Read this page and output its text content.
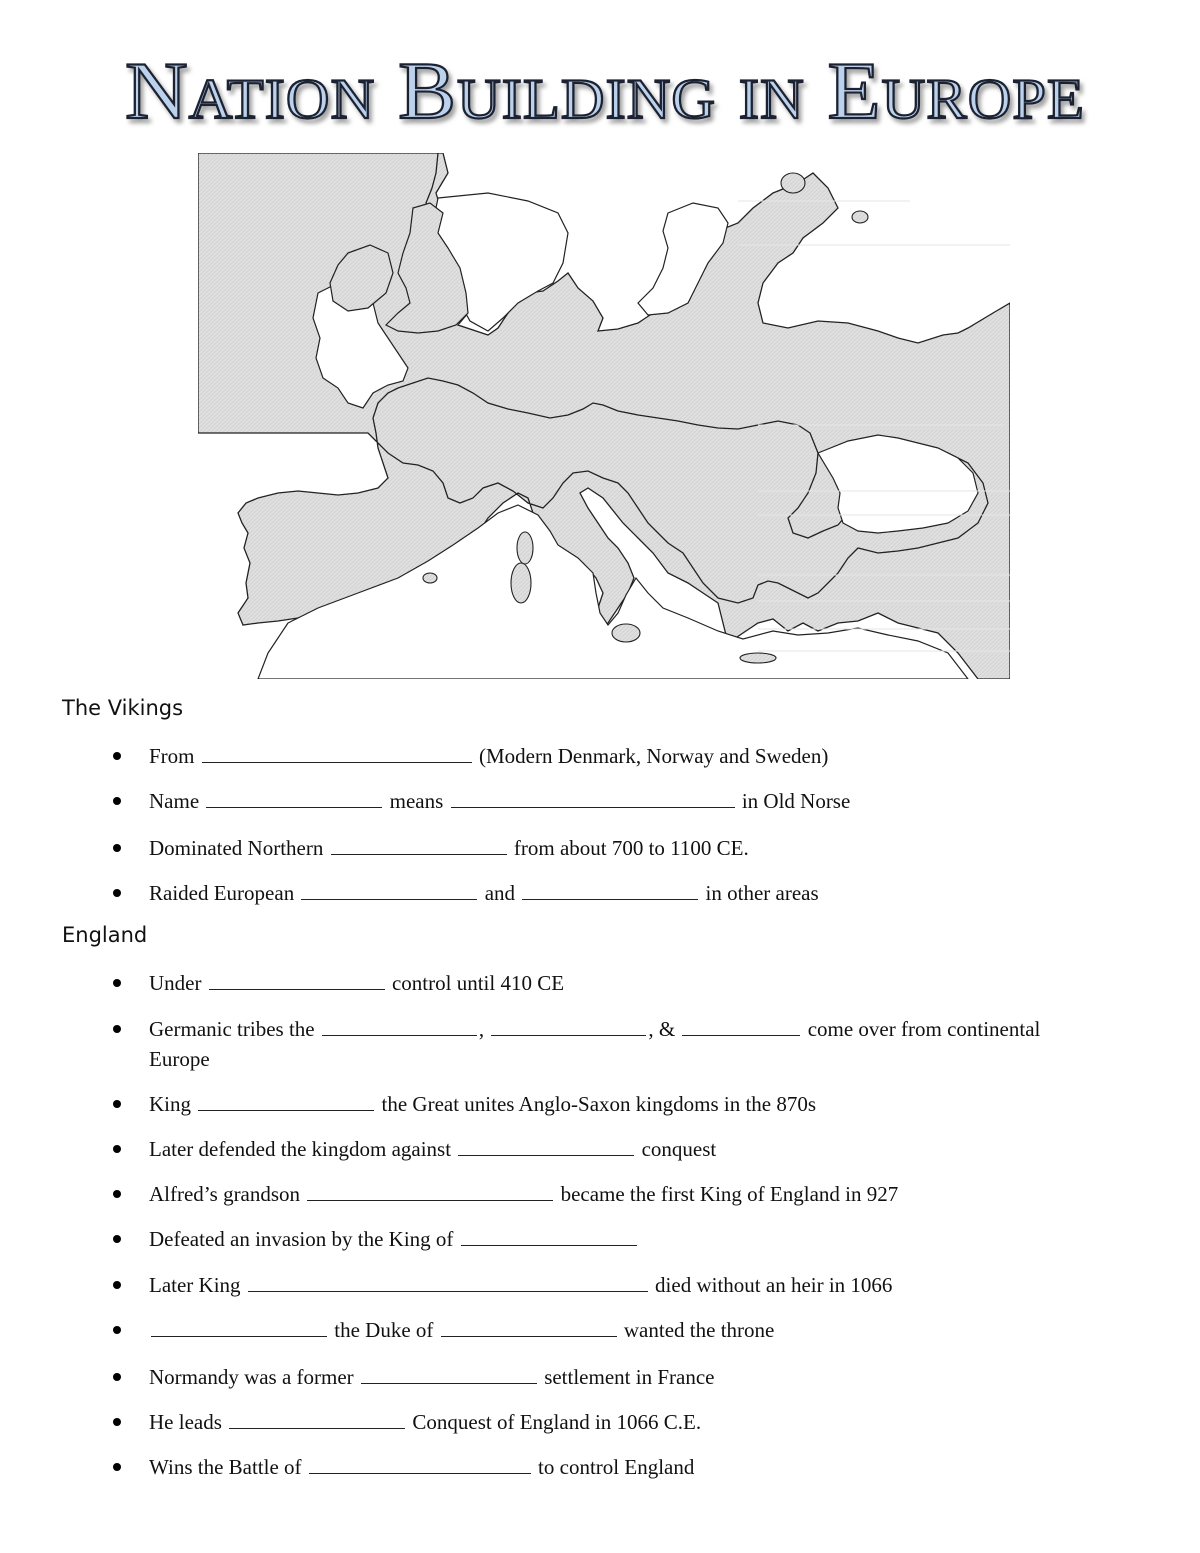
Nation Building in Europe
The Vikings
From	(Modern Denmark, Norway and Sweden)
Name	means	in Old Norse
Dominated Northern	from about 700 to 1100 CE.
Raided European	and	in other areas
England
Under	control until 410 CE
Germanic tribes the	,	, &	come over from continental Europe
King	the Great unites Anglo-Saxon kingdoms in the 870s
Later defended the kingdom against	conquest
Alfred’s grandson	became the first King of England in 927
Defeated an invasion by the King of
Later King	died without an heir in 1066
the Duke of	wanted the throne
Normandy was a former	settlement in France
He leads	Conquest of England in 1066 C.E.
Wins the Battle of	to control England
